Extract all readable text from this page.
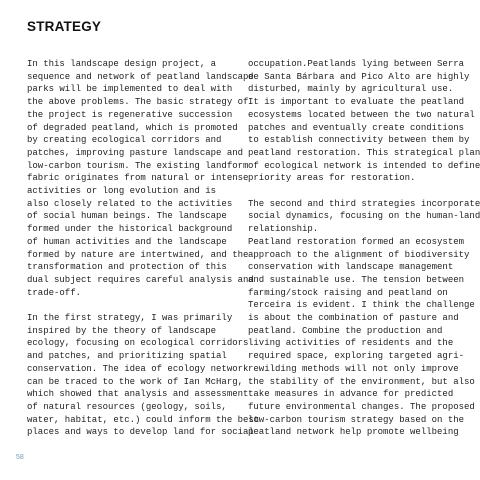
STRATEGY

In this landscape design project, a
sequence and network of peatland landscape
parks will be implemented to deal with
the above problems. The basic strategy of
the project is regenerative succession
of degraded peatland, which is promoted
by creating ecological corridors and
patches, improving pasture landscape and
low-carbon tourism. The existing landform
fabric originates from natural or intense
activities or long evolution and is
also closely related to the activities
of social human beings. The landscape
formed under the historical background
of human activities and the landscape
formed by nature are intertwined, and the
transformation and protection of this
dual subject requires careful analysis and
trade-off.

In the first strategy, I was primarily
inspired by the theory of landscape
ecology, focusing on ecological corridors
and patches, and prioritizing spatial
conservation. The idea of ecology network
can be traced to the work of Ian McHarg,
which showed that analysis and assessment
of natural resources (geology, soils,
water, habitat, etc.) could inform the best
places and ways to develop land for social

occupation.Peatlands lying between Serra
de Santa Bárbara and Pico Alto are highly
disturbed, mainly by agricultural use.
It is important to evaluate the peatland
ecosystems located between the two natural
patches and eventually create conditions
to establish connectivity between them by
peatland restoration. This strategical plan
of ecological network is intended to define
priority areas for restoration.

The second and third strategies incorporate
social dynamics, focusing on the human-land
relationship.
Peatland restoration formed an ecosystem
approach to the alignment of biodiversity
conservation with landscape management
and sustainable use. The tension between
farming/stock raising and peatland on
Terceira is evident. I think the challenge
is about the combination of pasture and
peatland. Combine the production and
living activities of residents and the
required space, exploring targeted agri-
rewilding methods will not only improve
the stability of the environment, but also
take measures in advance for predicted
future environmental changes. The proposed
low-carbon tourism strategy based on the
peatland network help promote wellbeing

58
